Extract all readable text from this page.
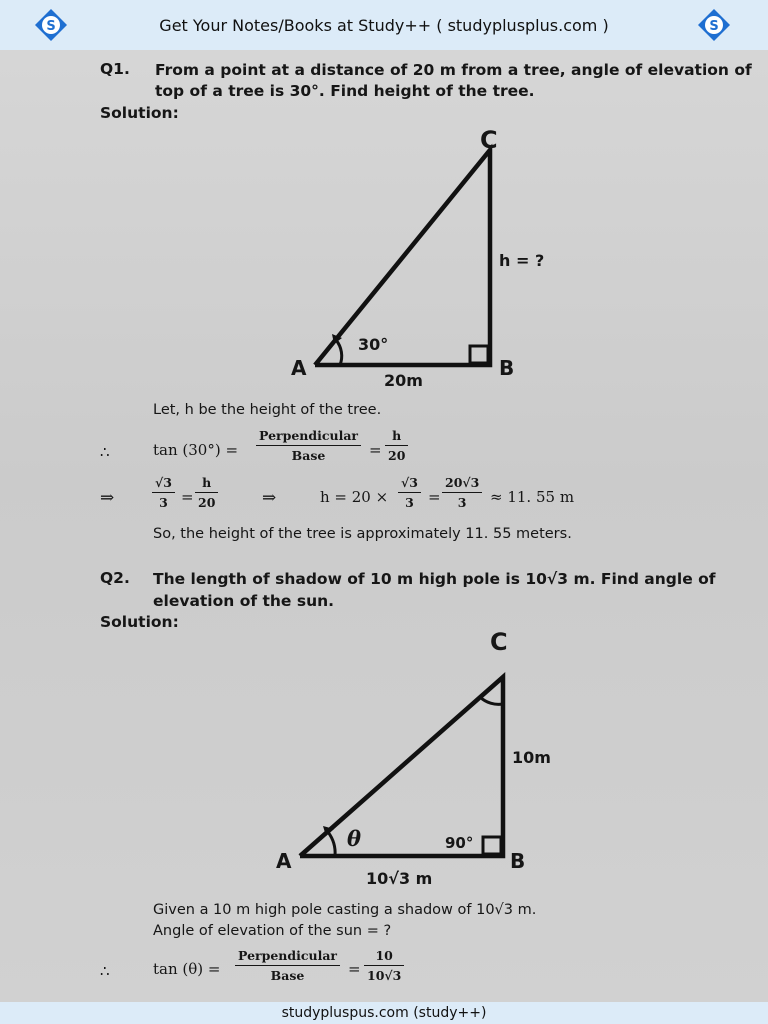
S	Get Your Notes/Books at Study++ ( studyplusplus.com )	S
Q1. From a point at a distance of 20 m from a tree, angle of elevation of
top of a tree is 30°. Find height of the tree.
Solution:
C
h = ?
30°
A	B
20m
Let, h be the height of the tree.
∴	tan (30°) =
Perpendicular
Base	= $\frac{h}{20}$
⇒	$\frac{√3}{3} = \frac{h}{20}$	⇒	$h = 20 \times \frac{√3}{3} = \frac{20√3}{3} \approx 11$. 55 m
So, the height of the tree is approximately 11. 55 meters.
Q2. The length of shadow of 10 m high pole is 10√3 m. Find angle of
elevation of the sun.
Solution:
C
10m
θ	90°
A	B
10√3 m
Given a 10 m high pole casting a shadow of 10√3 m.
Angle of elevation of the sun = ?
∴	tan (θ) =
Perpendicular
Base	= $\frac{10}{10√3}$
studypluspus.com (study++)
